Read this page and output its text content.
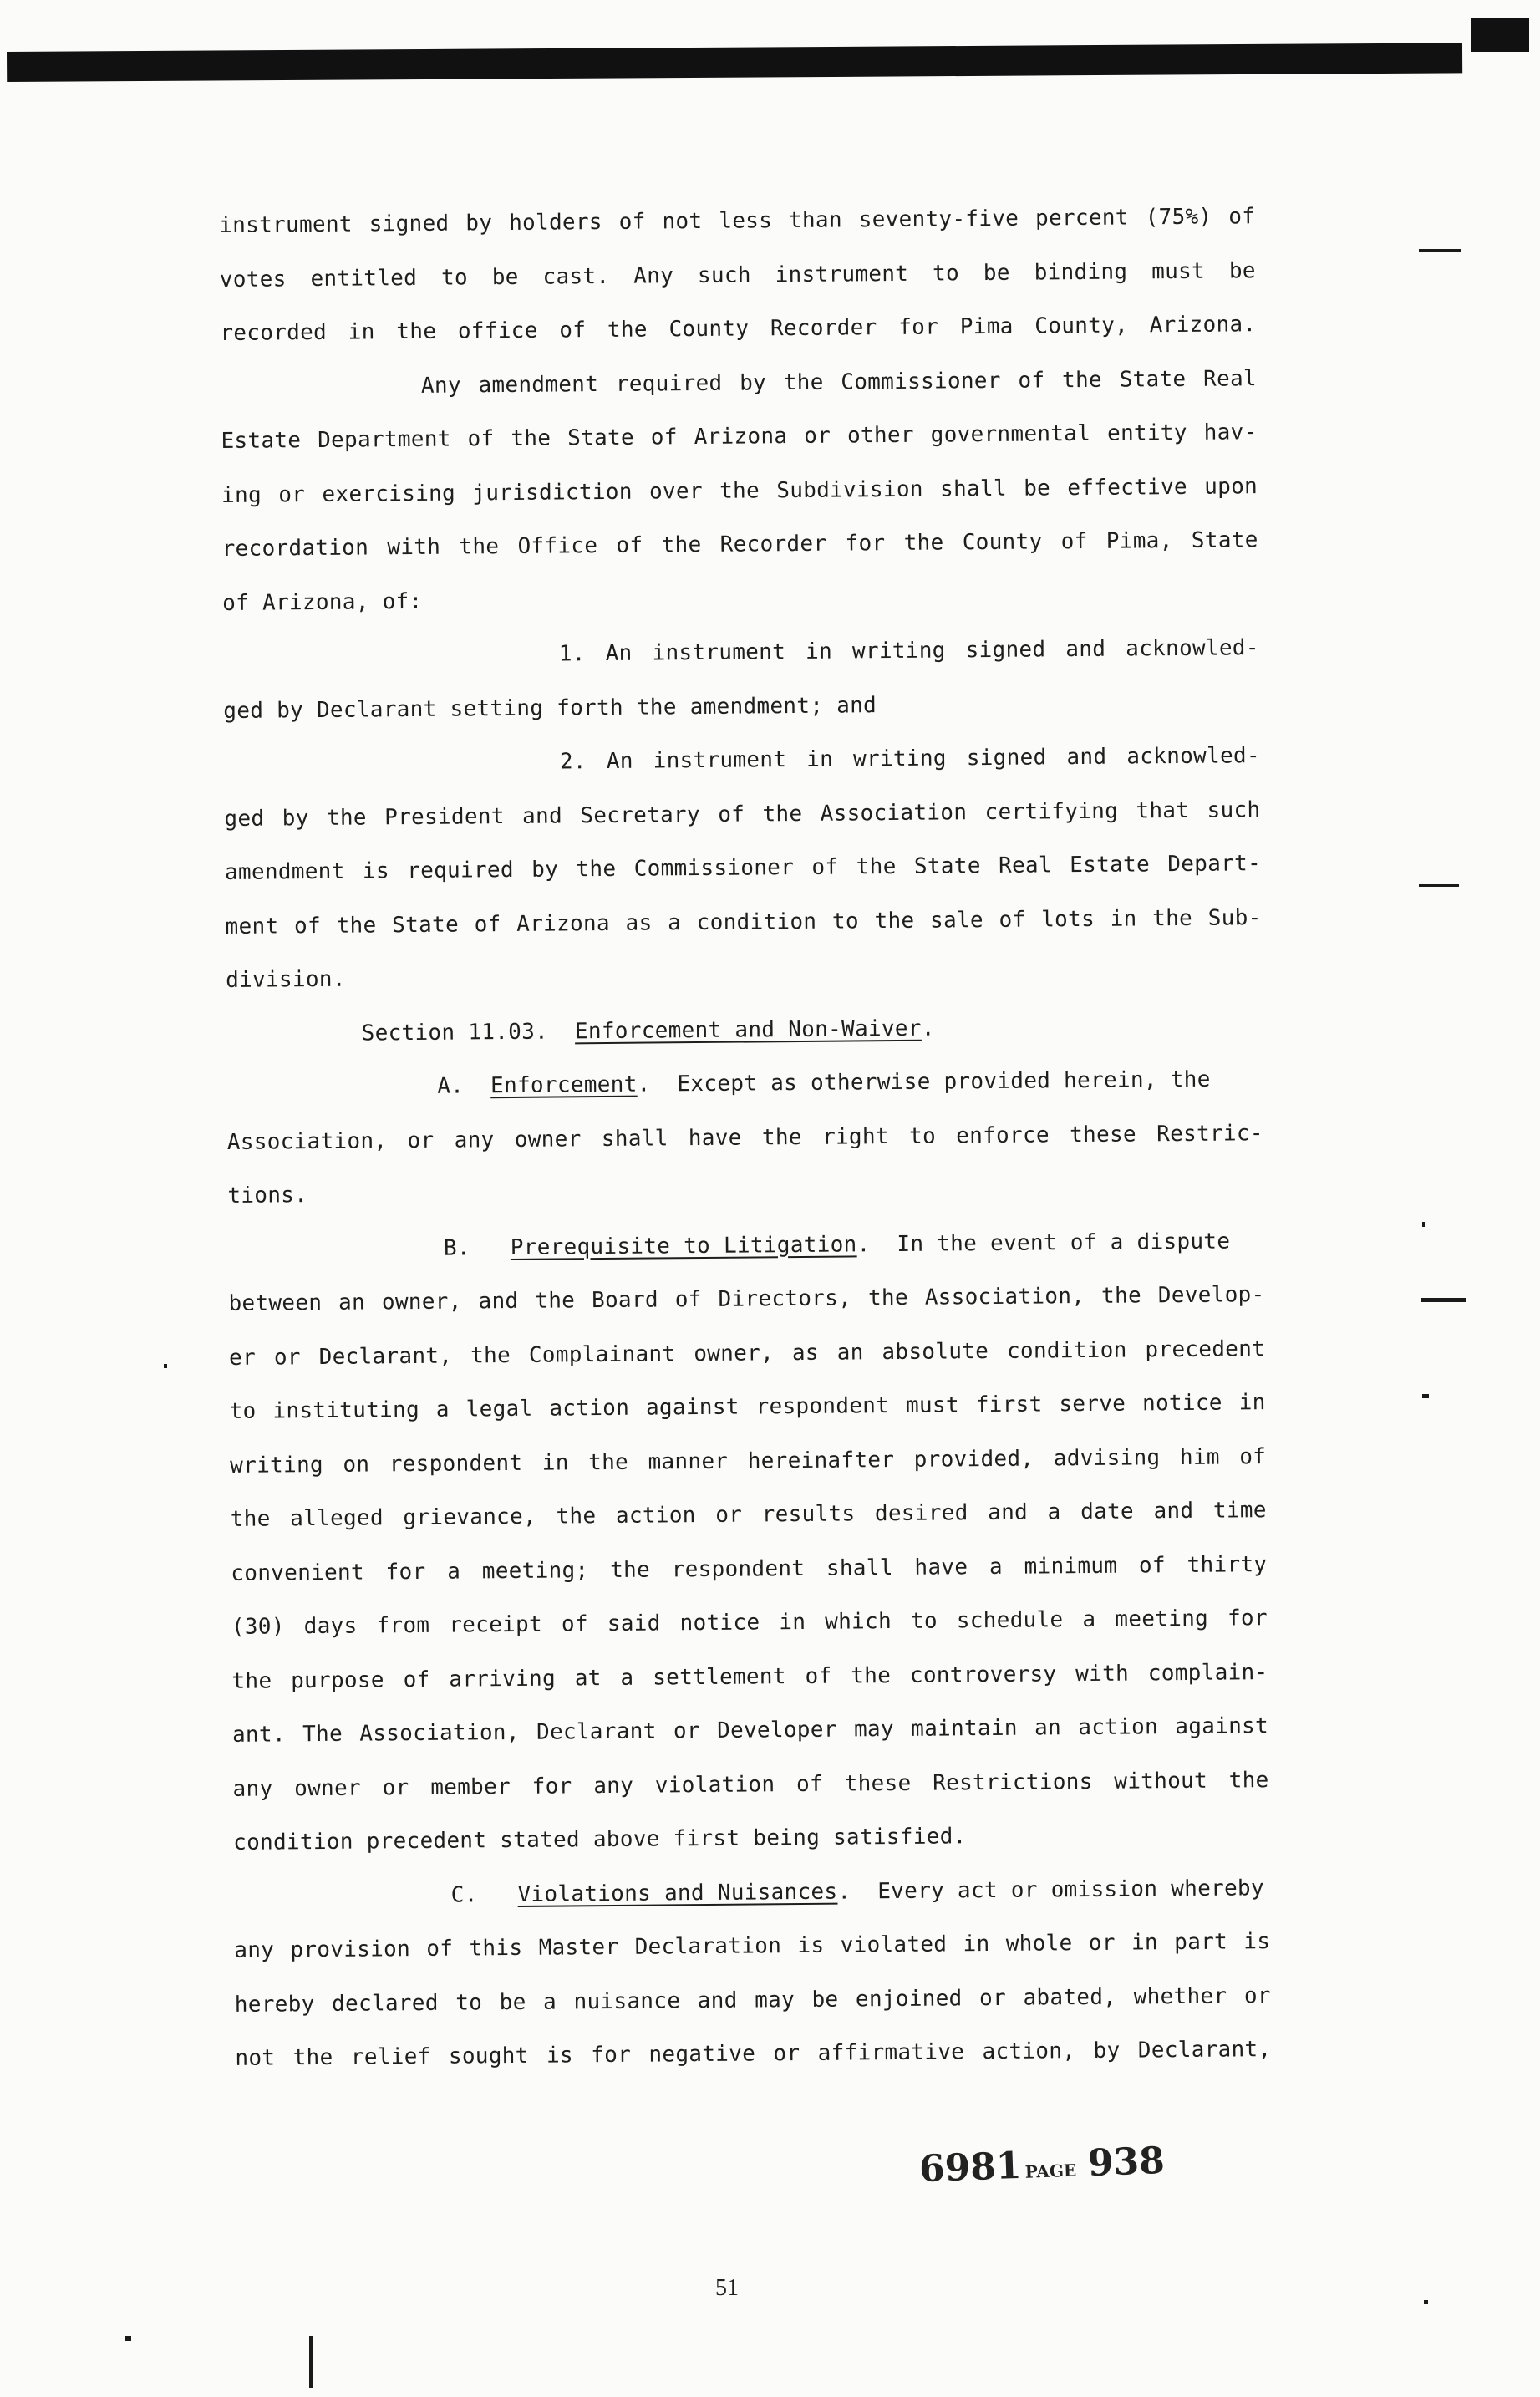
instrument signed by holders of not less than seventy-five percent (75%) of
votes entitled to be cast. Any such instrument to be binding must be
recorded in the office of the County Recorder for Pima County, Arizona.
Any amendment required by the Commissioner of the State Real
Estate Department of the State of Arizona or other governmental entity hav-
ing or exercising jurisdiction over the Subdivision shall be effective upon
recordation with the Office of the Recorder for the County of Pima, State
of Arizona, of:
1. An instrument in writing signed and acknowled-
ged by Declarant setting forth the amendment; and
2. An instrument in writing signed and acknowled-
ged by the President and Secretary of the Association certifying that such
amendment is required by the Commissioner of the State Real Estate Depart-
ment of the State of Arizona as a condition to the sale of lots in the Sub-
division.
Section 11.03. Enforcement and Non-Waiver.
A. Enforcement.  Except as otherwise provided herein, the
Association, or any owner shall have the right to enforce these Restric-
tions.
B. Prerequisite to Litigation.  In the event of a dispute
between an owner, and the Board of Directors, the Association, the Develop-
er or Declarant, the Complainant owner, as an absolute condition precedent
to instituting a legal action against respondent must first serve notice in
writing on respondent in the manner hereinafter provided, advising him of
the alleged grievance, the action or results desired and a date and time
convenient for a meeting; the respondent shall have a minimum of thirty
(30) days from receipt of said notice in which to schedule a meeting for
the purpose of arriving at a settlement of the controversy with complain-
ant. The Association, Declarant or Developer may maintain an action against
any owner or member for any violation of these Restrictions without the
condition precedent stated above first being satisfied.
C. Violations and Nuisances.  Every act or omission whereby
any provision of this Master Declaration is violated in whole or in part is
hereby declared to be a nuisance and may be enjoined or abated, whether or
not the relief sought is for negative or affirmative action, by Declarant,
6981 PAGE 938
51
